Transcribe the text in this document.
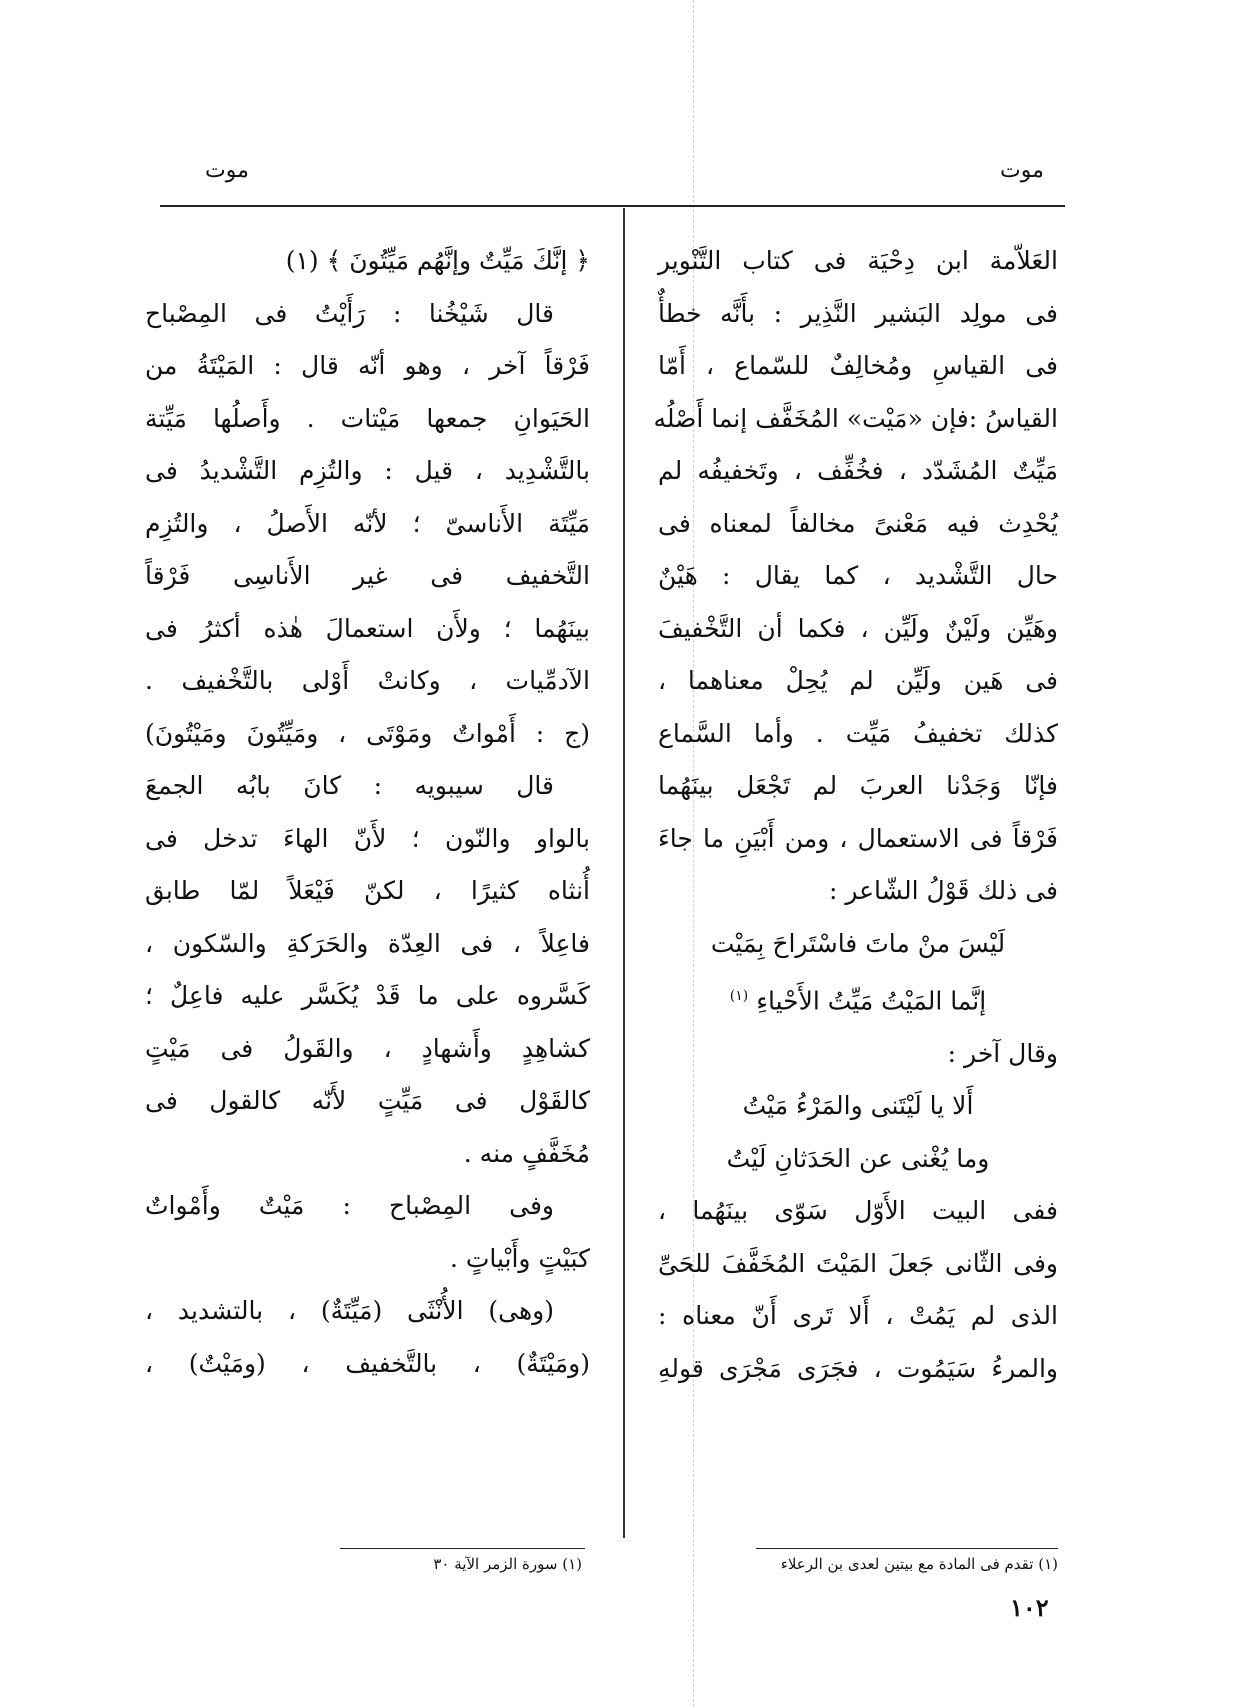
موت
موت
العَلاّمة ابن دِحْيَة فى كتاب التَّنْوير
فى مولِد البَشير النَّذِير : بأَنَّه خطأٌ
فى القياسِ ومُخالِفٌ للسّماع ، أَمّا
القياسُ :فإن «مَيْت» المُخَفَّف إنما أَصْلُه
مَيِّتٌ المُشَدّد ، فخُفِّف ، وتَخفيفُه لم
يُحْدِث فيه مَعْنىً مخالفاً لمعناه فى
حال التَّشْديد ، كما يقال : هَيْنٌ
وهَيِّن ولَيْنٌ ولَيِّن ، فكما أن التَّخْفيفَ
فى هَين ولَيِّن لم يُحِلْ معناهما ،
كذلك تخفيفُ مَيِّت . وأما السَّماع
فإنّا وَجَدْنا العربَ لم تَجْعَل بينَهُما
فَرْقاً فى الاستعمال ، ومن أَبْيَنِ ما جاءَ
فى ذلك قَوْلُ الشّاعر :
لَيْسَ منْ ماتَ فاسْتَراحَ بِمَيْت
إنَّما المَيْتُ مَيِّتُ الأَحْياءِ $^{(١)}$
وقال آخر :
أَلا يا لَيْتَنى والمَرْءُ مَيْتُ
وما يُغْنى عن الحَدَثانِ لَيْتُ
ففى البيت الأَوّل سَوّى بينَهُما ،
وفى الثّانى جَعلَ المَيْتَ المُخَفَّفَ للحَىِّ
الذى لم يَمُتْ ، أَلا تَرى أَنّ معناه :
والمرءُ سَيَمُوت ، فجَرَى مَجْرَى قولهِ
﴿ إنَّكَ مَيِّتٌ وإنَّهُم مَيِّتُونَ ﴾ (١)
قال شَيْخُنا : رَأَيْتُ فى المِصْباح
فَرْقاً آخر ، وهو أنّه قال : المَيْتَةُ من
الحَيَوانِ جمعها مَيْتات . وأَصلُها مَيِّتة
بالتَّشْدِيد ، قيل : والتُزِم التَّشْديدُ فى
مَيِّتَة الأَناسىّ ؛ لأنّه الأَصلُ ، والتُزِم
التَّخفيف فى غير الأَناسِى فَرْقاً
بينَهُما ؛ ولأَن استعمالَ هٰذه أكثرُ فى
الآدمِّيات ، وكانتْ أَوْلى بالتَّخْفيف .
(ج : أَمْواتٌ ومَوْتَى ، ومَيِّتُونَ ومَيْتُونَ)
قال سيبويه : كانَ بابُه الجمعَ
بالواو والنّون ؛ لأَنّ الهاءَ تدخل فى
أُنثاه كثيرًا ، لكنّ فَيْعَلاً لمّا طابق
فاعِلاً ، فى العِدّة والحَرَكةِ والسّكون ،
كَسَّروه على ما قَدْ يُكَسَّر عليه فاعِلٌ ؛
كشاهِدٍ وأَشهادٍ ، والقَولُ فى مَيْتٍ
كالقَوْل فى مَيِّتٍ لأَنّه كالقول فى
مُخَفَّفٍ منه .
وفى المِصْباح : مَيْتٌ وأَمْواتٌ
كبَيْتٍ وأَبْياتٍ .
(وهى) الأُنْثَى (مَيِّتَةٌ) ، بالتشديد ،
(ومَيْتَةٌ) ، بالتَّخفيف ، (ومَيْتٌ) ،
(١) تقدم فى المادة مع بيتين لعدى بن الرعلاء
(١) سورة الزمر الآية ٣٠
١٠٢
